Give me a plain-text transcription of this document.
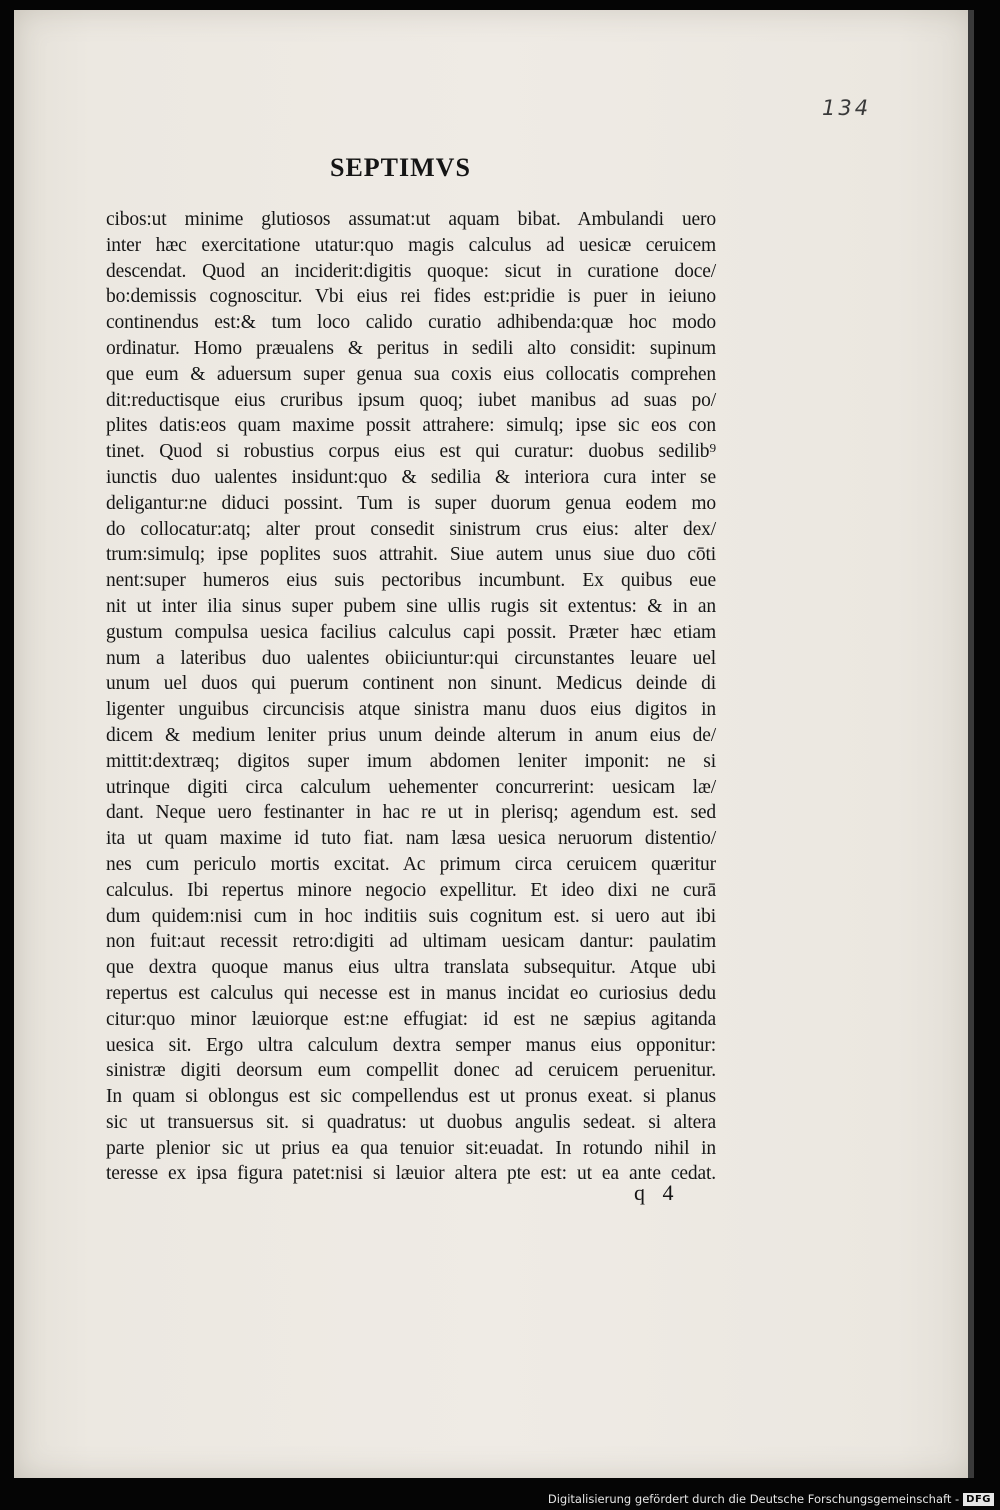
134
SEPTIMVS
cibos:ut minime glutiosos assumat:ut aquam bibat. Ambulandi uero
inter hæc exercitatione utatur:quo magis calculus ad uesicæ ceruicem
descendat. Quod an inciderit:digitis quoque: sicut in curatione doce/
bo:demissis cognoscitur. Vbi eius rei fides est:pridie is puer in ieiuno
continendus est:& tum loco calido curatio adhibenda:quæ hoc modo
ordinatur. Homo præualens & peritus in sedili alto considit: supinum
que eum & aduersum super genua sua coxis eius collocatis comprehen
dit:reductisque eius cruribus ipsum quoq; iubet manibus ad suas po/
plites datis:eos quam maxime possit attrahere: simulq; ipse sic eos con
tinet. Quod si robustius corpus eius est qui curatur: duobus sedilib⁹
iunctis duo ualentes insidunt:quo & sedilia & interiora cura inter se
deligantur:ne diduci possint. Tum is super duorum genua eodem mo
do collocatur:atq; alter prout consedit sinistrum crus eius: alter dex/
trum:simulq; ipse poplites suos attrahit. Siue autem unus siue duo cōti
nent:super humeros eius suis pectoribus incumbunt. Ex quibus eue
nit ut inter ilia sinus super pubem sine ullis rugis sit extentus: & in an
gustum compulsa uesica facilius calculus capi possit. Præter hæc etiam
num a lateribus duo ualentes obiiciuntur:qui circunstantes leuare uel
unum uel duos qui puerum continent non sinunt. Medicus deinde di
ligenter unguibus circuncisis atque sinistra manu duos eius digitos in
dicem & medium leniter prius unum deinde alterum in anum eius de/
mittit:dextræq; digitos super imum abdomen leniter imponit: ne si
utrinque digiti circa calculum uehementer concurrerint: uesicam læ/
dant. Neque uero festinanter in hac re ut in plerisq; agendum est. sed
ita ut quam maxime id tuto fiat. nam læsa uesica neruorum distentio/
nes cum periculo mortis excitat. Ac primum circa ceruicem quæritur
calculus. Ibi repertus minore negocio expellitur. Et ideo dixi ne curā
dum quidem:nisi cum in hoc inditiis suis cognitum est. si uero aut ibi
non fuit:aut recessit retro:digiti ad ultimam uesicam dantur: paulatim
que dextra quoque manus eius ultra translata subsequitur. Atque ubi
repertus est calculus qui necesse est in manus incidat eo curiosius dedu
citur:quo minor læuiorque est:ne effugiat: id est ne sæpius agitanda
uesica sit. Ergo ultra calculum dextra semper manus eius opponitur:
sinistræ digiti deorsum eum compellit donec ad ceruicem peruenitur.
In quam si oblongus est sic compellendus est ut pronus exeat. si planus
sic ut transuersus sit. si quadratus: ut duobus angulis sedeat. si altera
parte plenior sic ut prius ea qua tenuior sit:euadat. In rotundo nihil in
teresse ex ipsa figura patet:nisi si læuior altera pte est: ut ea ante cedat.
q 4
Digitalisierung gefördert durch die Deutsche Forschungsgemeinschaft - DFG
